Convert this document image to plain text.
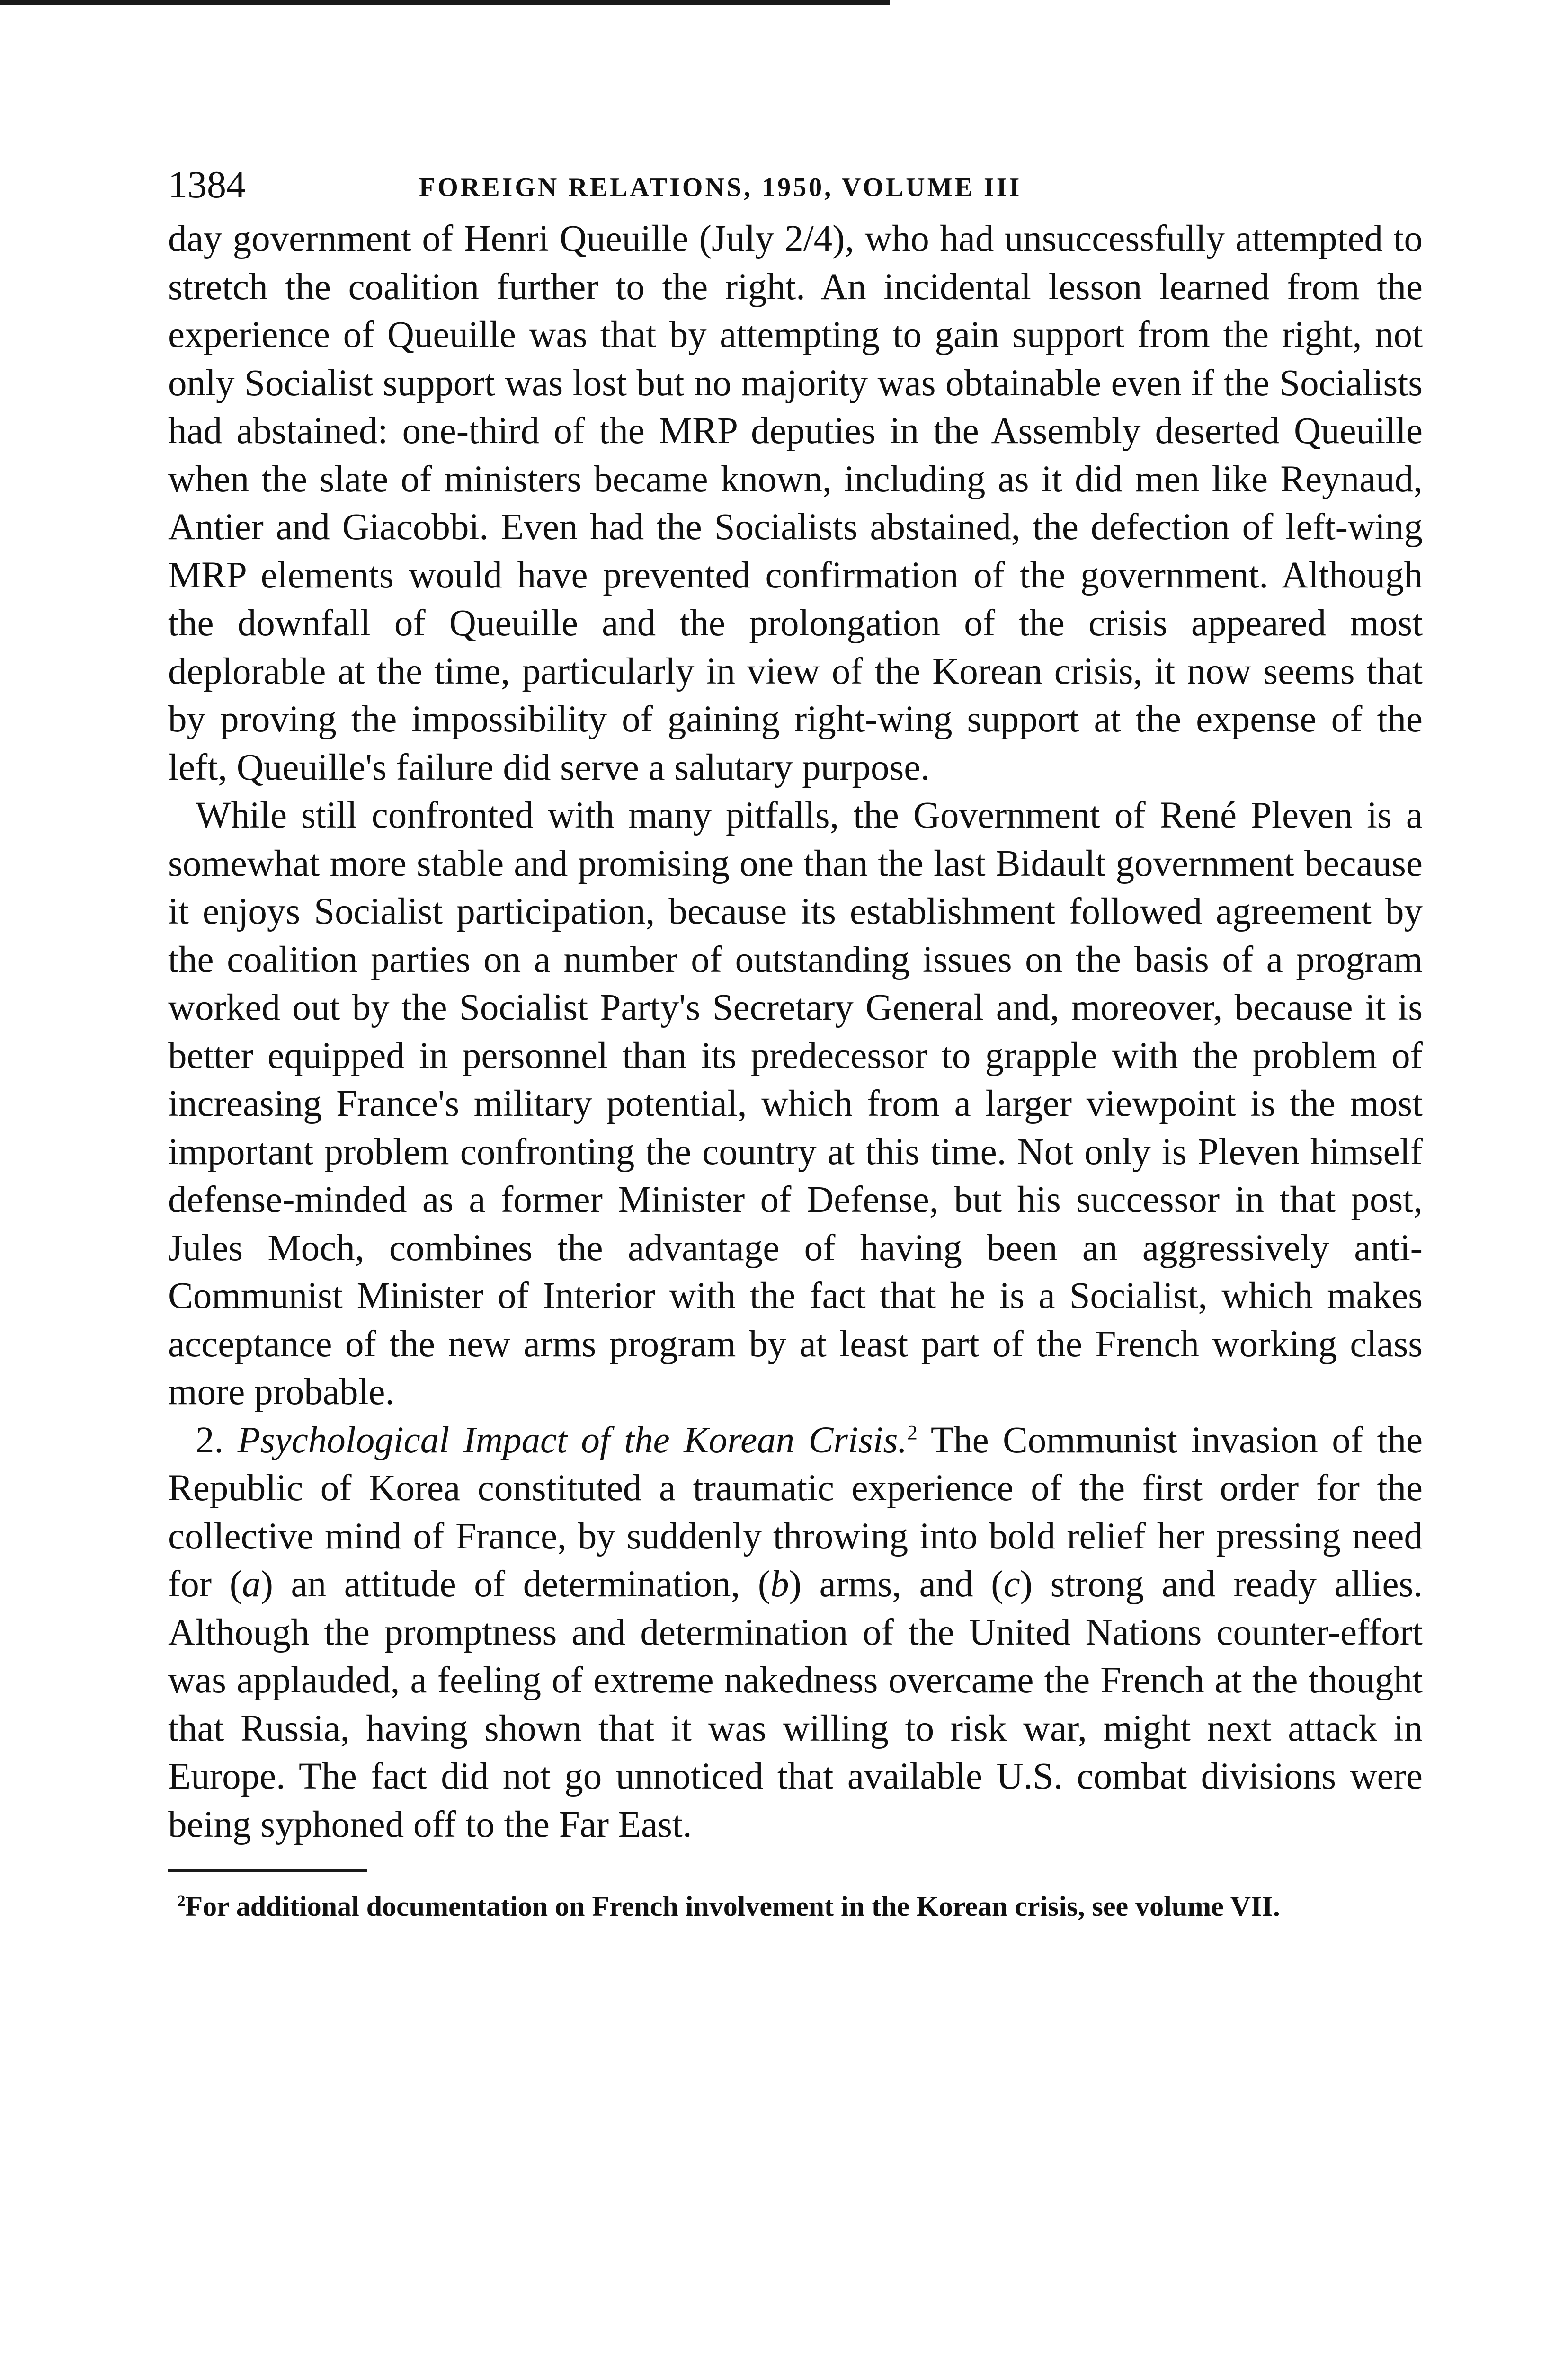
1384	FOREIGN RELATIONS, 1950, VOLUME III

day government of Henri Queuille (July 2/4), who had unsuccessfully attempted to stretch the coalition further to the right. An incidental lesson learned from the experience of Queuille was that by attempting to gain support from the right, not only Socialist support was lost but no majority was obtainable even if the Socialists had abstained: one-third of the MRP deputies in the Assembly deserted Queuille when the slate of ministers became known, including as it did men like Reynaud, Antier and Giacobbi. Even had the Socialists abstained, the defection of left-wing MRP elements would have prevented confirmation of the government. Although the downfall of Queuille and the prolongation of the crisis appeared most deplorable at the time, particularly in view of the Korean crisis, it now seems that by proving the impossibility of gaining right-wing support at the expense of the left, Queuille's failure did serve a salutary purpose.

While still confronted with many pitfalls, the Government of René Pleven is a somewhat more stable and promising one than the last Bidault government because it enjoys Socialist participation, because its establishment followed agreement by the coalition parties on a number of outstanding issues on the basis of a program worked out by the Socialist Party's Secretary General and, moreover, because it is better equipped in personnel than its predecessor to grapple with the problem of increasing France's military potential, which from a larger viewpoint is the most important problem confronting the country at this time. Not only is Pleven himself defense-minded as a former Minister of Defense, but his successor in that post, Jules Moch, combines the advantage of having been an aggressively anti-Communist Minister of Interior with the fact that he is a Socialist, which makes acceptance of the new arms program by at least part of the French working class more probable.

2. Psychological Impact of the Korean Crisis.$^2$ The Communist invasion of the Republic of Korea constituted a traumatic experience of the first order for the collective mind of France, by suddenly throwing into bold relief her pressing need for (a) an attitude of determination, (b) arms, and (c) strong and ready allies. Although the promptness and determination of the United Nations counter-effort was applauded, a feeling of extreme nakedness overcame the French at the thought that Russia, having shown that it was willing to risk war, might next attack in Europe. The fact did not go unnoticed that available U.S. combat divisions were being syphoned off to the Far East.

$^2$For additional documentation on French involvement in the Korean crisis, see volume VII.
